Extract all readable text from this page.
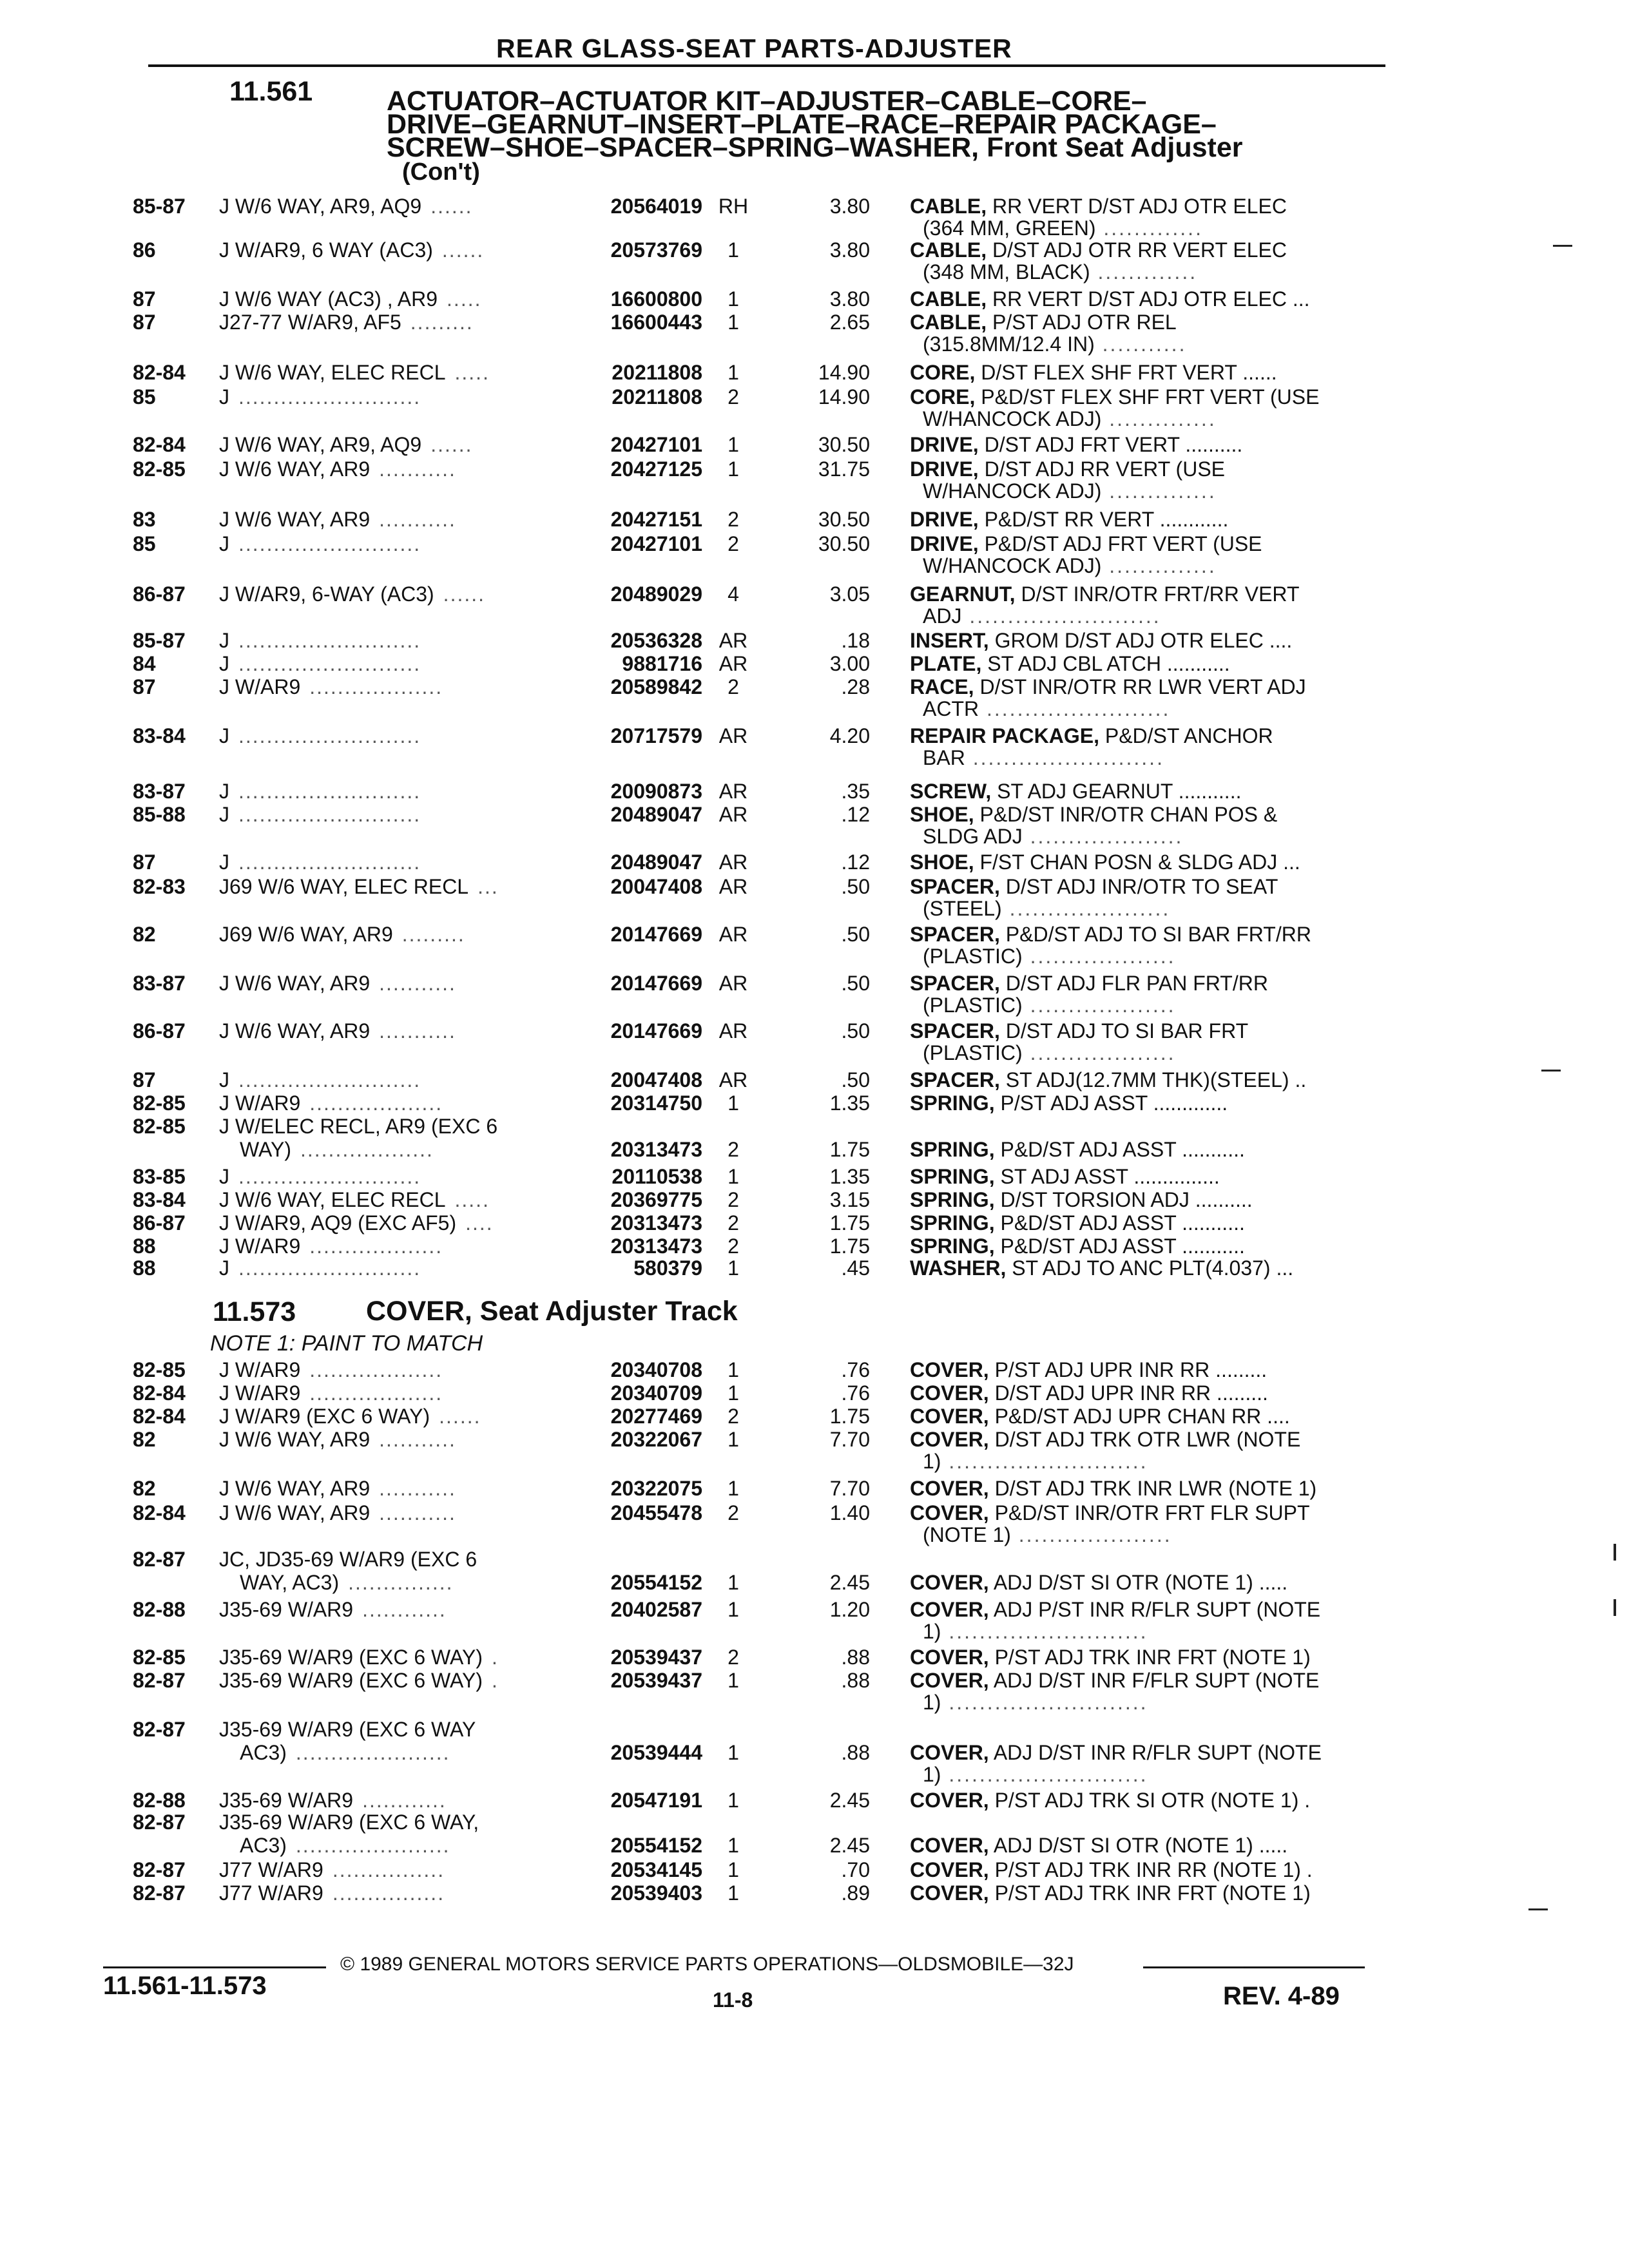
REAR GLASS-SEAT PARTS-ADJUSTER
11.561	ACTUATOR–ACTUATOR KIT–ADJUSTER–CABLE–CORE–
DRIVE–GEARNUT–INSERT–PLATE–RACE–REPAIR PACKAGE–
SCREW–SHOE–SPACER–SPRING–WASHER, Front Seat Adjuster
(Con't)
85-87 J W/6 WAY, AR9, AQ9 ......	20564019 RH	3.80 CABLE, RR VERT D/ST ADJ OTR ELEC
(364 MM, GREEN) .............
86	J W/AR9, 6 WAY (AC3) ......	20573769	1	3.80 CABLE, D/ST ADJ OTR RR VERT ELEC
(348 MM, BLACK) .............
87	J W/6 WAY (AC3) , AR9 .....	16600800	1	3.80 CABLE, RR VERT D/ST ADJ OTR ELEC ...
87	J27-77 W/AR9, AF5 .........	16600443	1	2.65 CABLE, P/ST ADJ OTR REL
(315.8MM/12.4 IN) ...........
82-84 J W/6 WAY, ELEC RECL .....	20211808	1	14.90 CORE, D/ST FLEX SHF FRT VERT ......
85	J ..........................	20211808	2	14.90 CORE, P&D/ST FLEX SHF FRT VERT (USE
W/HANCOCK ADJ) ..............
82-84 J W/6 WAY, AR9, AQ9 ......	20427101	1	30.50 DRIVE, D/ST ADJ FRT VERT ..........
82-85 J W/6 WAY, AR9 ...........	20427125	1	31.75 DRIVE, D/ST ADJ RR VERT (USE
W/HANCOCK ADJ) ..............
83	J W/6 WAY, AR9 ...........	20427151	2	30.50 DRIVE, P&D/ST RR VERT ............
85	J ..........................	20427101	2	30.50 DRIVE, P&D/ST ADJ FRT VERT (USE
W/HANCOCK ADJ) ..............
86-87 J W/AR9, 6-WAY (AC3) ......	20489029	4	3.05 GEARNUT, D/ST INR/OTR FRT/RR VERT
ADJ .........................
85-87 J ..........................	20536328 AR	.18 INSERT, GROM D/ST ADJ OTR ELEC ....
84	J ..........................	9881716 AR	3.00 PLATE, ST ADJ CBL ATCH ...........
87	J W/AR9 ...................	20589842	2	.28 RACE, D/ST INR/OTR RR LWR VERT ADJ
ACTR ........................
83-84 J ..........................	20717579 AR	4.20 REPAIR PACKAGE, P&D/ST ANCHOR
BAR .........................
83-87 J ..........................	20090873 AR	.35 SCREW, ST ADJ GEARNUT ...........
85-88 J ..........................	20489047 AR	.12 SHOE, P&D/ST INR/OTR CHAN POS &
SLDG ADJ ....................
87	J ..........................	20489047 AR	.12 SHOE, F/ST CHAN POSN & SLDG ADJ ...
82-83 J69 W/6 WAY, ELEC RECL ...	20047408 AR	.50 SPACER, D/ST ADJ INR/OTR TO SEAT
(STEEL) .....................
82	J69 W/6 WAY, AR9 .........	20147669 AR	.50 SPACER, P&D/ST ADJ TO SI BAR FRT/RR
(PLASTIC) ...................
83-87 J W/6 WAY, AR9 ...........	20147669 AR	.50 SPACER, D/ST ADJ FLR PAN FRT/RR
(PLASTIC) ...................
86-87 J W/6 WAY, AR9 ...........	20147669 AR	.50 SPACER, D/ST ADJ TO SI BAR FRT
(PLASTIC) ...................
87	J ..........................	20047408 AR	.50 SPACER, ST ADJ(12.7MM THK)(STEEL) ..
82-85 J W/AR9 ...................	20314750	1	1.35 SPRING, P/ST ADJ ASST .............
82-85 J W/ELEC RECL, AR9 (EXC 6
WAY) ...................	20313473	2	1.75 SPRING, P&D/ST ADJ ASST ...........
83-85 J ..........................	20110538	1	1.35 SPRING, ST ADJ ASST ...............
83-84 J W/6 WAY, ELEC RECL .....	20369775	2	3.15 SPRING, D/ST TORSION ADJ ..........
86-87 J W/AR9, AQ9 (EXC AF5) ....	20313473	2	1.75 SPRING, P&D/ST ADJ ASST ...........
88	J W/AR9 ...................	20313473	2	1.75 SPRING, P&D/ST ADJ ASST ...........
88	J ..........................	580379	1	.45 WASHER, ST ADJ TO ANC PLT(4.037) ...
11.573	COVER, Seat Adjuster Track
NOTE 1: PAINT TO MATCH
82-85 J W/AR9 ...................	20340708	1	.76 COVER, P/ST ADJ UPR INR RR .........
82-84 J W/AR9 ...................	20340709	1	.76 COVER, D/ST ADJ UPR INR RR .........
82-84 J W/AR9 (EXC 6 WAY) ......	20277469	2	1.75 COVER, P&D/ST ADJ UPR CHAN RR ....
82	J W/6 WAY, AR9 ...........	20322067	1	7.70 COVER, D/ST ADJ TRK OTR LWR (NOTE
1) ..........................
82	J W/6 WAY, AR9 ...........	20322075	1	7.70 COVER, D/ST ADJ TRK INR LWR (NOTE 1)
82-84 J W/6 WAY, AR9 ...........	20455478	2	1.40 COVER, P&D/ST INR/OTR FRT FLR SUPT
(NOTE 1) ....................
82-87 JC, JD35-69 W/AR9 (EXC 6
WAY, AC3) ...............	20554152	1	2.45 COVER, ADJ D/ST SI OTR (NOTE 1) .....
82-88 J35-69 W/AR9 ............	20402587	1	1.20 COVER, ADJ P/ST INR R/FLR SUPT (NOTE
1) ..........................
82-85 J35-69 W/AR9 (EXC 6 WAY) .	20539437	2	.88 COVER, P/ST ADJ TRK INR FRT (NOTE 1)
82-87 J35-69 W/AR9 (EXC 6 WAY) .	20539437	1	.88 COVER, ADJ D/ST INR F/FLR SUPT (NOTE
1) ..........................
82-87 J35-69 W/AR9 (EXC 6 WAY
AC3) ......................	20539444	1	.88 COVER, ADJ D/ST INR R/FLR SUPT (NOTE
1) ..........................
82-88 J35-69 W/AR9 ............	20547191	1	2.45 COVER, P/ST ADJ TRK SI OTR (NOTE 1) .
82-87 J35-69 W/AR9 (EXC 6 WAY,
AC3) ......................	20554152	1	2.45 COVER, ADJ D/ST SI OTR (NOTE 1) .....
82-87 J77 W/AR9 ................	20534145	1	.70 COVER, P/ST ADJ TRK INR RR (NOTE 1) .
82-87 J77 W/AR9 ................	20539403	1	.89 COVER, P/ST ADJ TRK INR FRT (NOTE 1)
© 1989 GENERAL MOTORS SERVICE PARTS OPERATIONS—OLDSMOBILE—32J
11.561-11.573	11-8	REV. 4-89
